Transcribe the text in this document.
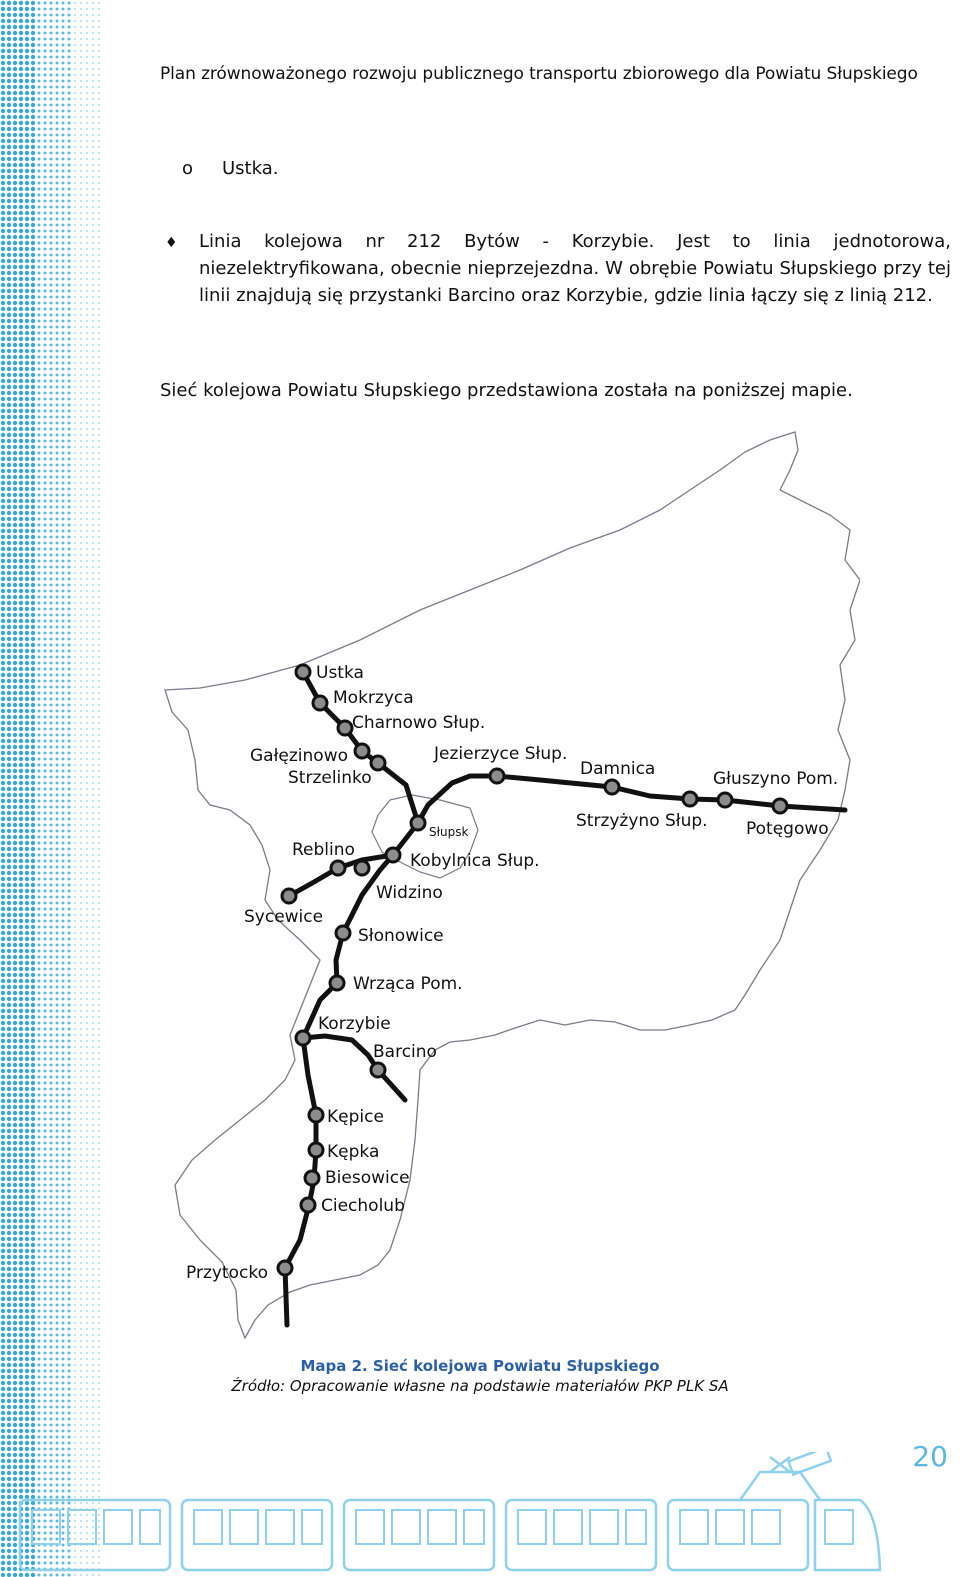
Plan zrównoważonego rozwoju publicznego transportu zbiorowego dla Powiatu Słupskiego
o Ustka.
♦ Linia kolejowa nr 212 Bytów - Korzybie. Jest to linia jednotorowa, niezelektryfikowana, obecnie nieprzejezdna. W obrębie Powiatu Słupskiego przy tej linii znajdują się przystanki Barcino oraz Korzybie, gdzie linia łączy się z linią 212.
Sieć kolejowa Powiatu Słupskiego przedstawiona została na poniższej mapie.
Ustka
Mokrzyca
Charnowo Słup.
Gałęzinowo
Strzelinko
Jezierzyce Słup.
Damnica	Głuszyno Pom.
Strzyżyno Słup. Potęgowo
Słupsk
Reblino
Kobylnica Słup.
Widzino
Sycewice
Słonowice
Wrząca Pom.
Korzybie
Barcino
Kępice
Kępka
Biesowice
Ciecholub
Przytocko
Mapa 2. Sieć kolejowa Powiatu Słupskiego
Źródło: Opracowanie własne na podstawie materiałów PKP PLK SA
20
